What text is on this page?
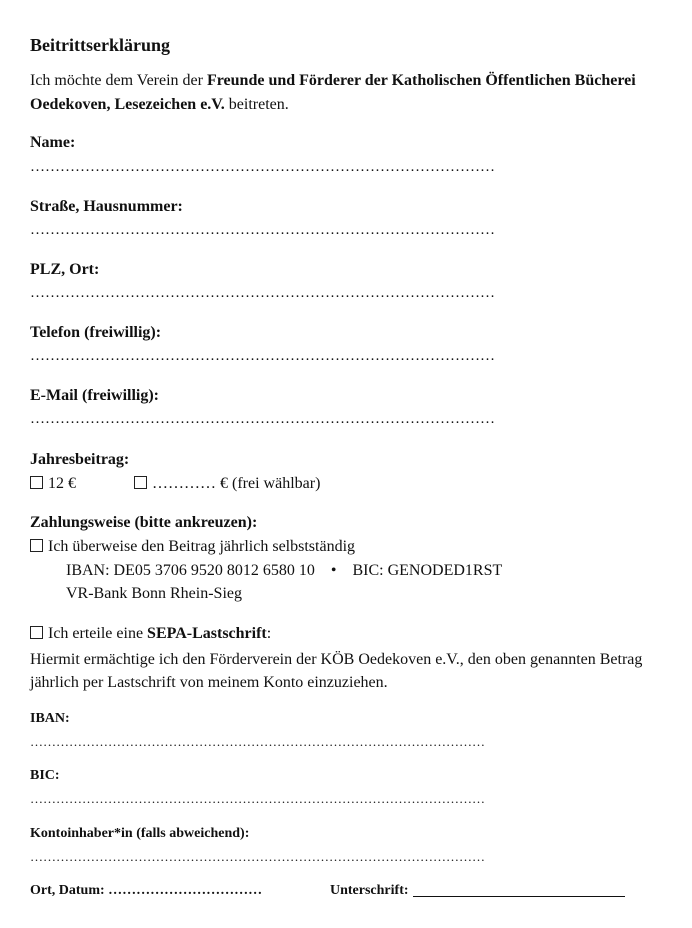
Beitrittserklärung
Ich möchte dem Verein der Freunde und Förderer der Katholischen Öffentlichen Bücherei Oedekoven, Lesezeichen e.V. beitreten.
Name:
…………………………………………………………………………………
Straße, Hausnummer:
…………………………………………………………………………………
PLZ, Ort:
…………………………………………………………………………………
Telefon (freiwillig):
…………………………………………………………………………………
E-Mail (freiwillig):
…………………………………………………………………………………
Jahresbeitrag:
12 €	………… € (frei wählbar)
Zahlungsweise (bitte ankreuzen):
Ich überweise den Beitrag jährlich selbstständig
IBAN: DE05 3706 9520 8012 6580 10    •    BIC: GENODED1RST
VR-Bank Bonn Rhein-Sieg
Ich erteile eine SEPA-Lastschrift:
Hiermit ermächtige ich den Förderverein der KÖB Oedekoven e.V., den oben genannten Betrag jährlich per Lastschrift von meinem Konto einzuziehen.
IBAN:
……………………………………………………………………………………………
BIC:
……………………………………………………………………………………………
Kontoinhaber*in (falls abweichend):
……………………………………………………………………………………………
Ort, Datum: ……………………………	Unterschrift:
